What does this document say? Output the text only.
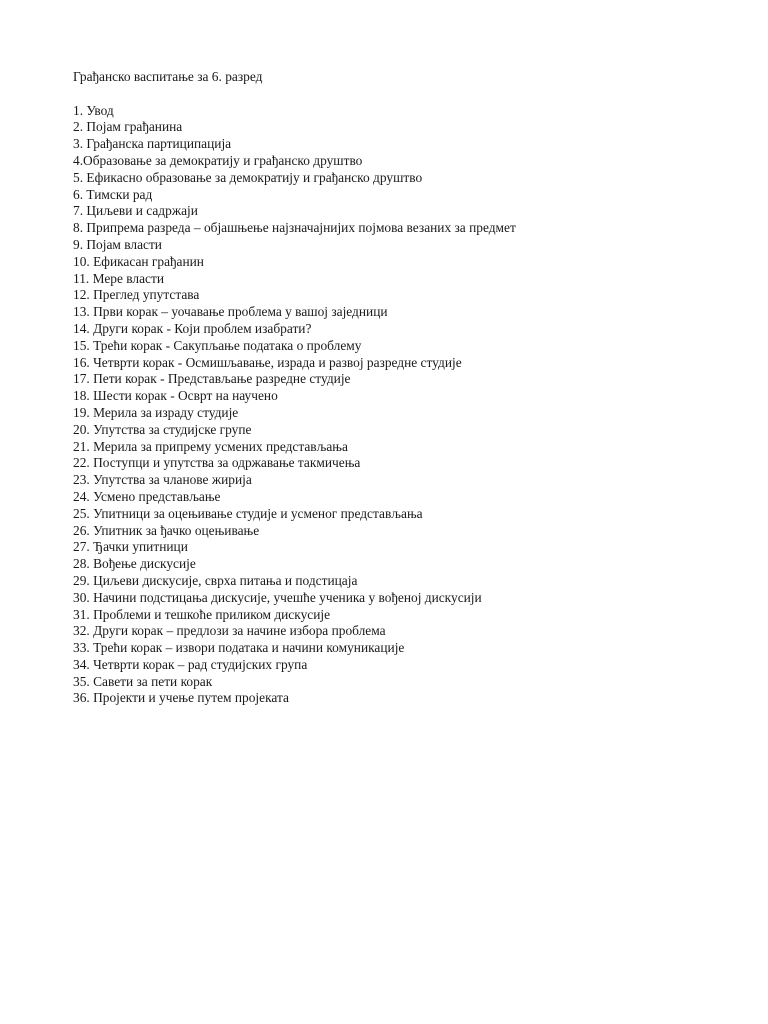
Грађанско васпитање за 6. разред

1. Увод
2. Појам грађанина
3. Грађанска партиципација
4.Образовање за демократију и грађанско друштво
5. Ефикасно образовање за демократију и грађанско друштво
6. Тимски рад
7. Циљеви и садржаји
8. Припрема разреда – објашњење најзначајнијих појмова везаних за предмет
9. Појам власти
10. Ефикасан грађанин
11. Мере власти
12. Преглед упутстава
13. Први корак – уочавање проблема у вашој заједници
14. Други корак - Који проблем изабрати?
15. Трећи корак - Сакупљање података о проблему
16. Четврти корак - Осмишљавање, израда и развој разредне студије
17. Пети корак - Представљање разредне студије
18. Шести корак - Осврт на научено
19. Мерила за израду студије
20. Упутства за студијске групе
21. Мерила за припрему усмених представљања
22. Поступци и упутства за одржавање такмичења
23. Упутства за чланове жирија
24. Усмено представљање
25. Упитници за оцењивање студије и усменог представљања
26. Упитник за ђачко оцењивање
27. Ђачки упитници
28. Вођење дискусије
29. Циљеви дискусије, сврха питања и подстицаја
30. Начини подстицања дискусије, учешће ученика у вођеној дискусији
31. Проблеми и тешкоће приликом дискусије
32. Други корак – предлози за начине избора проблема
33. Трећи корак – извори података и начини комуникације
34. Четврти корак – рад студијских група
35. Савети за пети корак
36. Пројекти и учење путем пројеката
